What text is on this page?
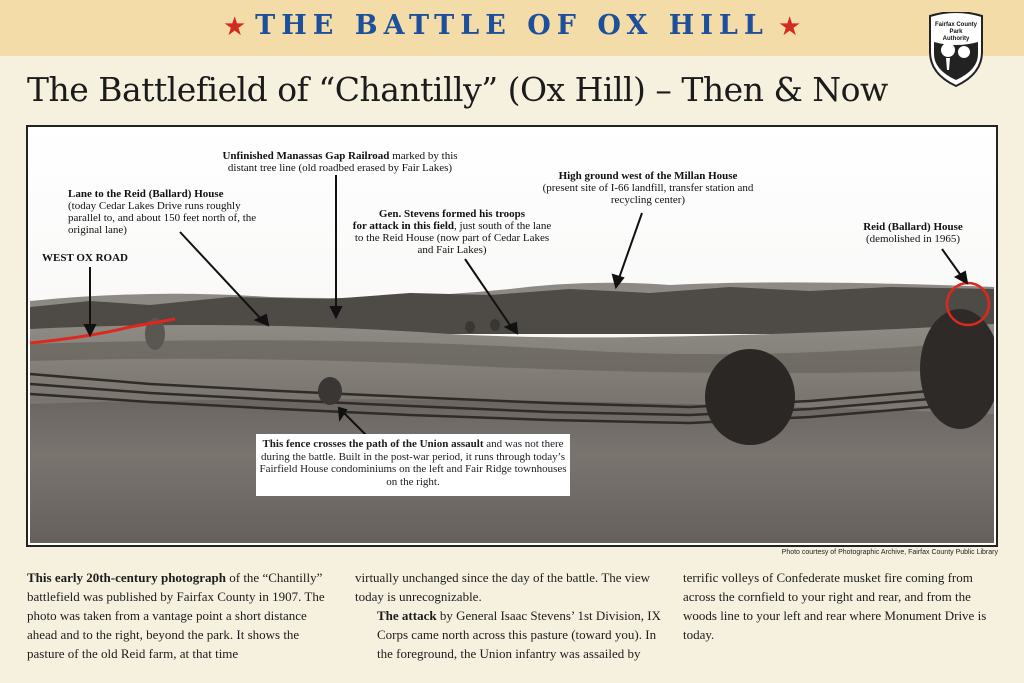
★ THE BATTLE OF OX HILL ★	Fairfax County
Park
Authority
The Battlefield of “Chantilly” (Ox Hill) – Then & Now
WEST OX ROAD
Lane to the Reid (Ballard) House
(today Cedar Lakes Drive runs roughly parallel to, and about 150 feet north of, the original lane)
Unfinished Manassas Gap Railroad marked by this
distant tree line (old roadbed erased by Fair Lakes)
Gen. Stevens formed his troops
for attack in this field, just south of the lane
to the Reid House (now part of Cedar Lakes and Fair Lakes)
High ground west of the Millan House
(present site of I-66 landfill, transfer station and recycling center)
Reid (Ballard) House
(demolished in 1965)
This fence crosses the path of the Union assault and was not there during the battle. Built in the post-war period, it runs through today’s Fairfield House condominiums on the left and Fair Ridge townhouses on the right.
Photo courtesy of Photographic Archive, Fairfax County Public Library

This early 20th-century photograph of the “Chantilly” battlefield was published by Fairfax County in 1907. The photo was taken from a vantage point a short distance ahead and to the right, beyond the park. It shows the pasture of the old Reid farm, at that time

virtually unchanged since the day of the battle. The view today is unrecognizable.

The attack by General Isaac Stevens’ 1st Division, IX Corps came north across this pasture (toward you). In the foreground, the Union infantry was assailed by

terrific volleys of Confederate musket fire coming from across the cornfield to your right and rear, and from the woods line to your left and rear where Monument Drive is today.
